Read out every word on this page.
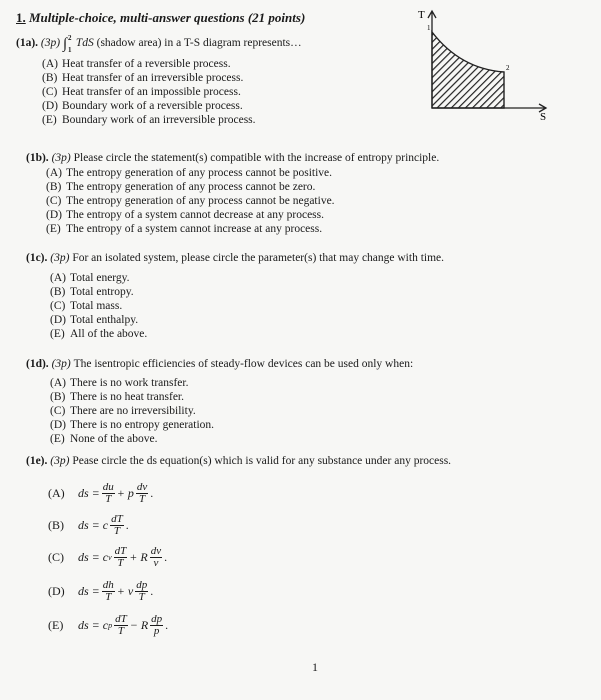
1. Multiple-choice, multi-answer questions (21 points)
(1a). (3p) ∫ 2
1
TdS (shadow area) in a T-S diagram represents…
(A) Heat transfer of a reversible process.
(B) Heat transfer of an irreversible process.
(C) Heat transfer of an impossible process.
(D) Boundary work of a reversible process.
(E) Boundary work of an irreversible process.
T
S
1
2
(1b). (3p) Please circle the statement(s) compatible with the increase of entropy principle.
(A) The entropy generation of any process cannot be positive.
(B) The entropy generation of any process cannot be zero.
(C) The entropy generation of any process cannot be negative.
(D) The entropy of a system cannot decrease at any process.
(E) The entropy of a system cannot increase at any process.
(1c). (3p) For an isolated system, please circle the parameter(s) that may change with time.
(A) Total energy.
(B) Total entropy.
(C) Total mass.
(D) Total enthalpy.
(E) All of the above.
(1d). (3p) The isentropic efficiencies of steady-flow devices can be used only when:
(A) There is no work transfer.
(B) There is no heat transfer.
(C) There are no irreversibility.
(D) There is no entropy generation.
(E) None of the above.
(1e). (3p) Pease circle the ds equation(s) which is valid for any substance under any process.
(A)	ds = $\frac{du}{T} + p \frac{dv}{T}$ .
(B)	ds = c $\frac{dT}{T}$ .
(C)	ds = c v $\frac{dT}{T} + R \frac{dv}{v}$ .
(D)	ds = $\frac{dh}{T} + v \frac{dp}{T}$ .
(E)	ds = c p $\frac{dT}{T} - R \frac{dp}{p}$ .
1
